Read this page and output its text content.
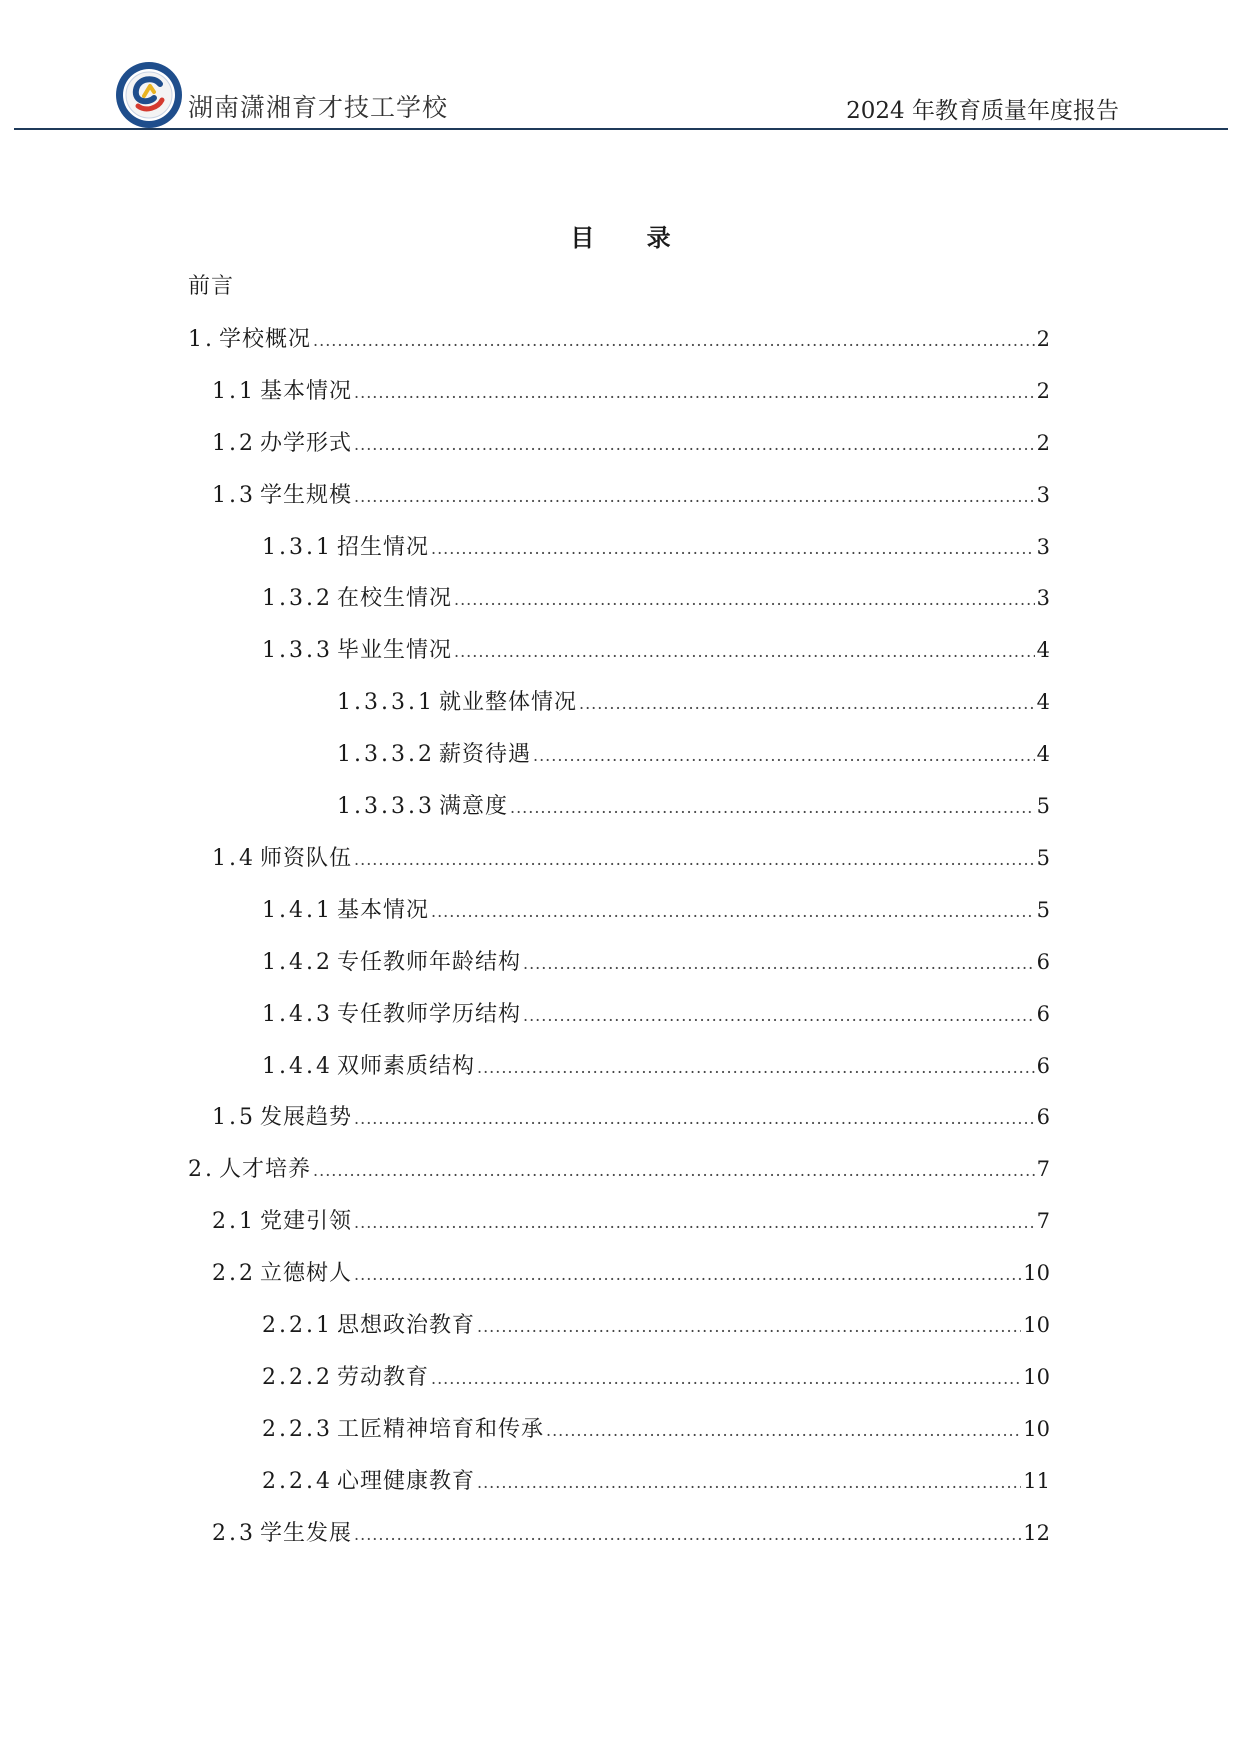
湖南潇湘育才技工学校	2024 年教育质量年度报告
目 录
前言
1. 学校概况 .....	2
1.1 基本情况 .....	2
1.2 办学形式 .....	2
1.3 学生规模 .....	3
1.3.1 招生情况 .....	3
1.3.2 在校生情况 .....	3
1.3.3 毕业生情况 .....	4
1.3.3.1 就业整体情况 .....	4
1.3.3.2 薪资待遇 .....	4
1.3.3.3 满意度 .....	5
1.4 师资队伍 .....	5
1.4.1 基本情况 .....	5
1.4.2 专任教师年龄结构 .....	6
1.4.3 专任教师学历结构 .....	6
1.4.4 双师素质结构 .....	6
1.5 发展趋势 .....	6
2. 人才培养 .....	7
2.1 党建引领 .....	7
2.2 立德树人 .....	10
2.2.1 思想政治教育 .....	10
2.2.2 劳动教育 .....	10
2.2.3 工匠精神培育和传承 .....	10
2.2.4 心理健康教育 .....	11
2.3 学生发展 .....	12
